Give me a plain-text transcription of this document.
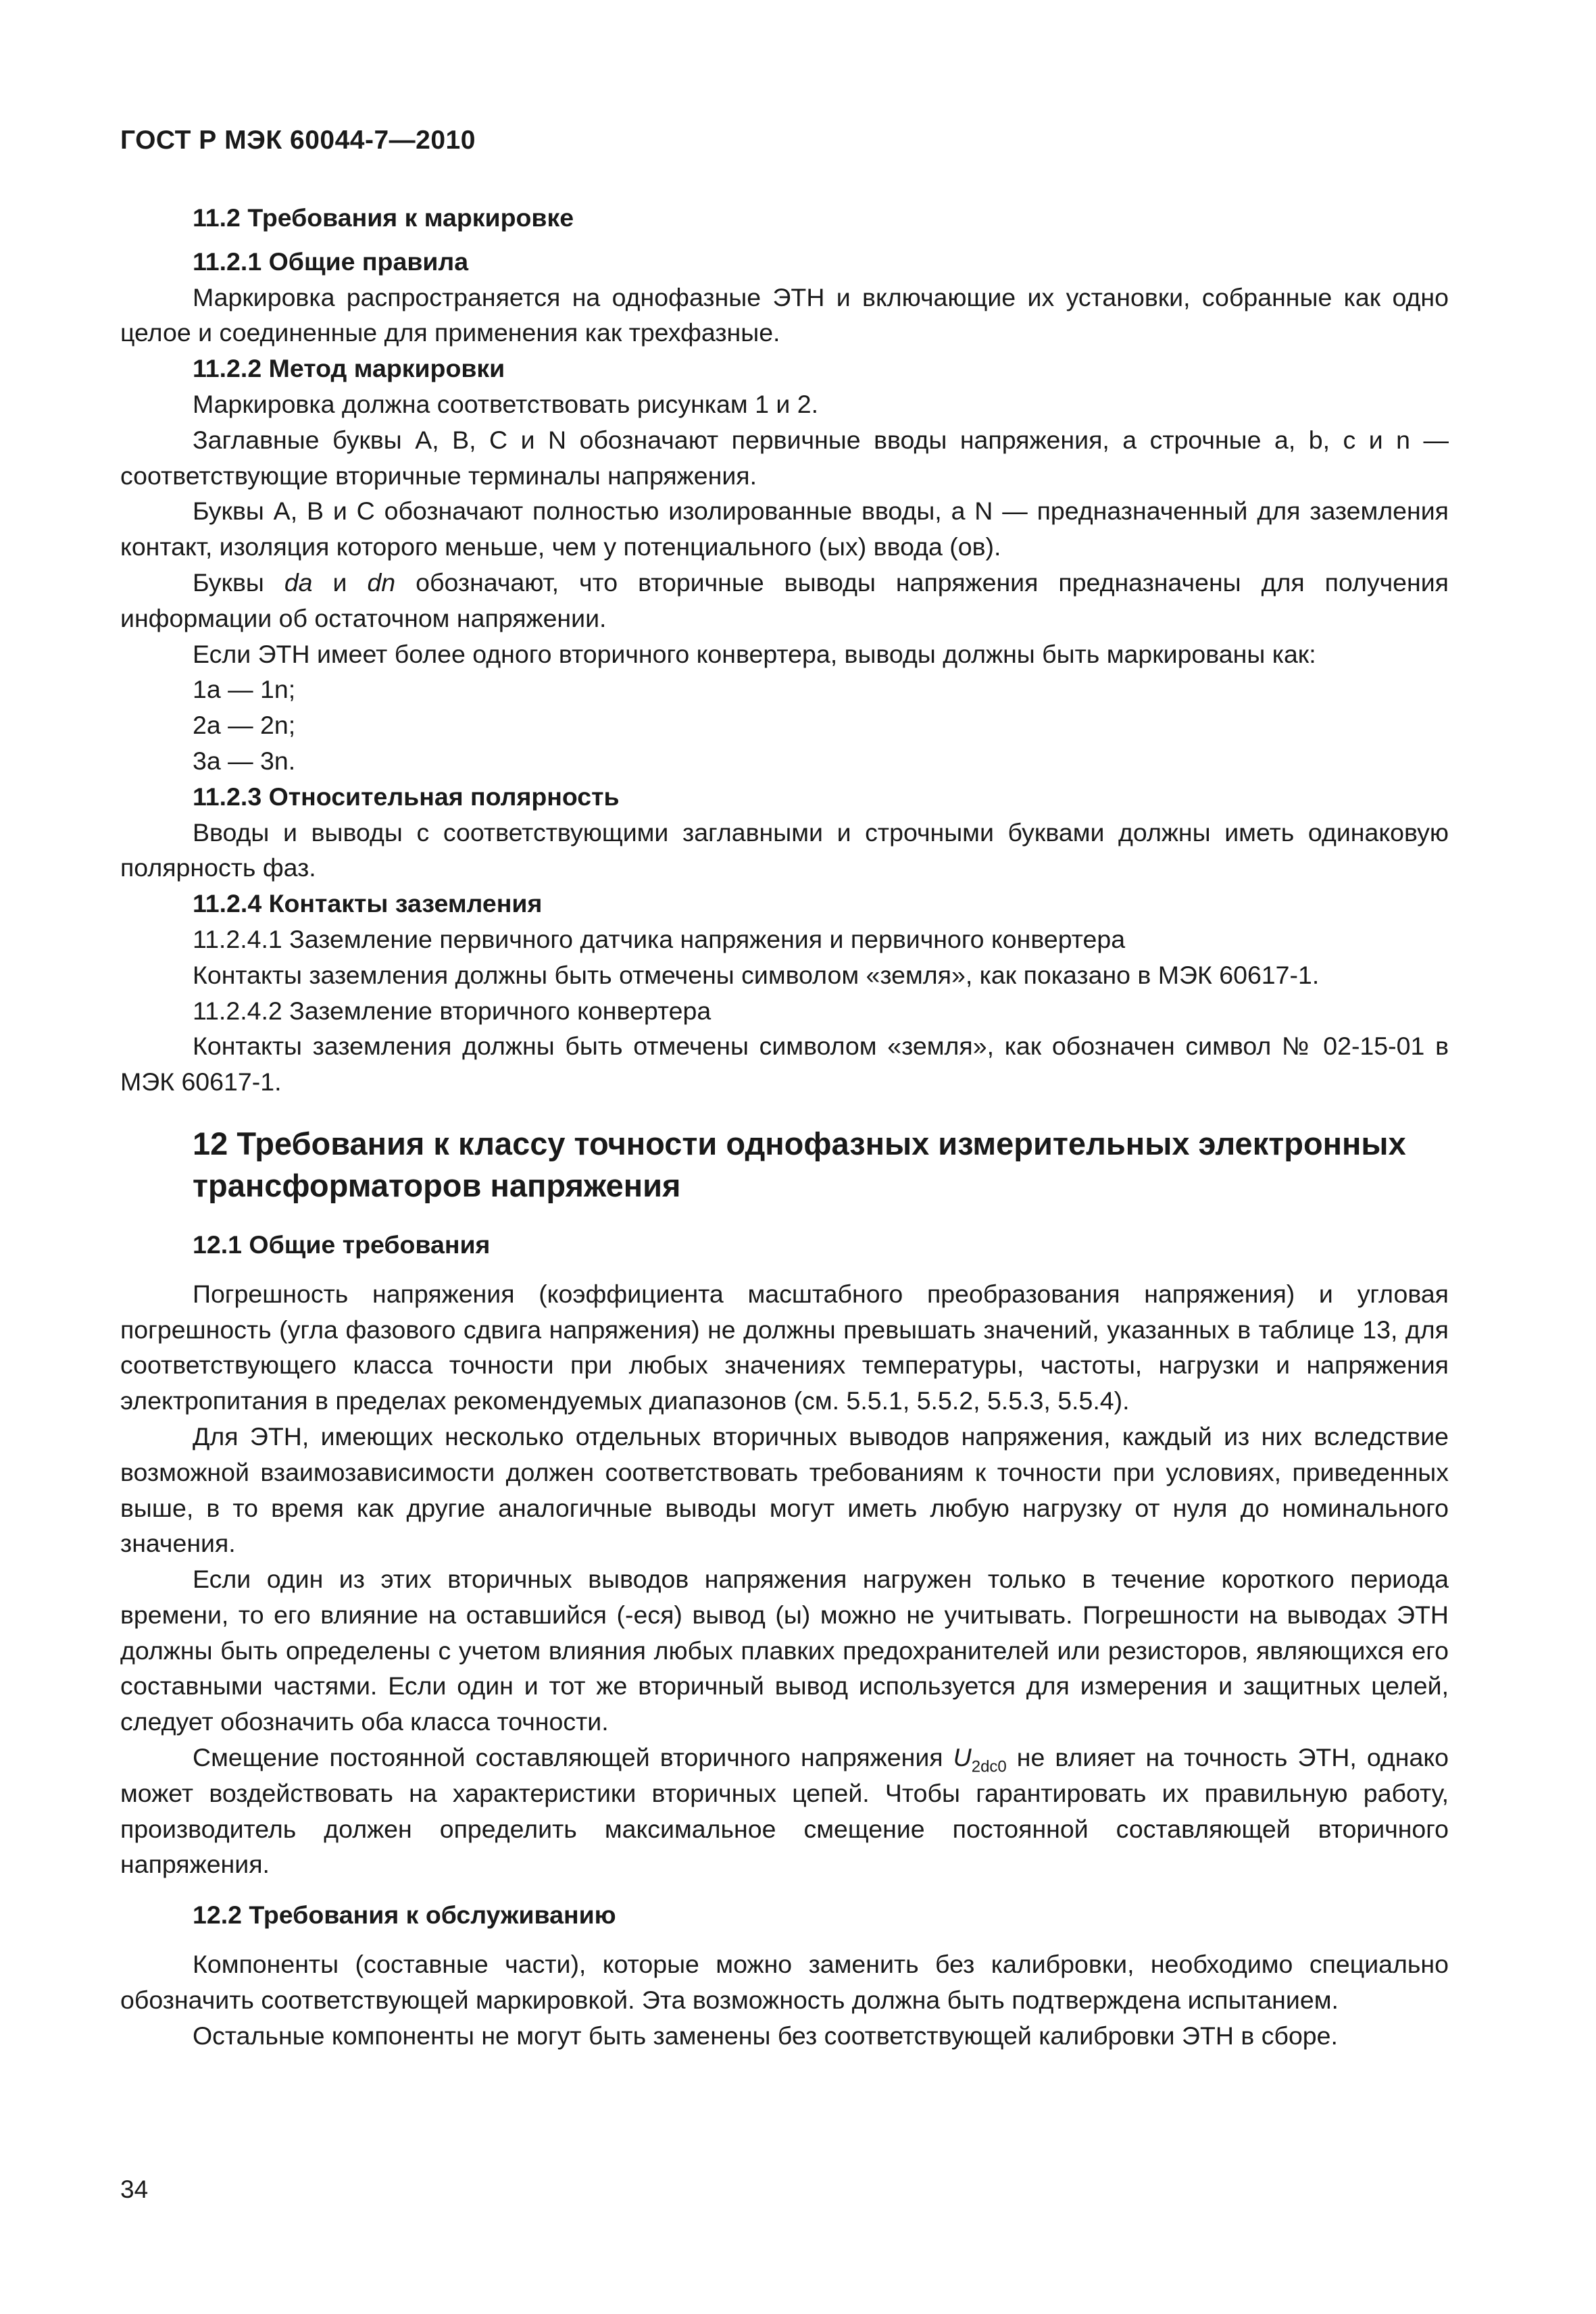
ГОСТ Р МЭК 60044-7—2010
11.2 Требования к маркировке
11.2.1 Общие правила

Маркировка распространяется на однофазные ЭТН и включающие их установки, собранные как одно целое и соединенные для применения как трехфазные.

11.2.2 Метод маркировки

Маркировка должна соответствовать рисункам 1 и 2.

Заглавные буквы А, В, С и N обозначают первичные вводы напряжения, а строчные а, b, с и n — соответствующие вторичные терминалы напряжения.

Буквы А, В и С обозначают полностью изолированные вводы, а N — предназначенный для заземления контакт, изоляция которого меньше, чем у потенциального (ых) ввода (ов).

Буквы da и dn обозначают, что вторичные выводы напряжения предназначены для получения информации об остаточном напряжении.

Если ЭТН имеет более одного вторичного конвертера, выводы должны быть маркированы как:

1a — 1n;

2a — 2n;

3a — 3n.

11.2.3 Относительная полярность

Вводы и выводы с соответствующими заглавными и строчными буквами должны иметь одинаковую полярность фаз.

11.2.4 Контакты заземления

11.2.4.1 Заземление первичного датчика напряжения и первичного конвертера

Контакты заземления должны быть отмечены символом «земля», как показано в МЭК 60617-1.

11.2.4.2 Заземление вторичного конвертера

Контакты заземления должны быть отмечены символом «земля», как обозначен символ № 02-15-01 в МЭК 60617-1.

12 Требования к классу точности однофазных измерительных электронных трансформаторов напряжения
12.1 Общие требования

Погрешность напряжения (коэффициента масштабного преобразования напряжения) и угловая погрешность (угла фазового сдвига напряжения) не должны превышать значений, указанных в таблице 13, для соответствующего класса точности при любых значениях температуры, частоты, нагрузки и напряжения электропитания в пределах рекомендуемых диапазонов (см. 5.5.1, 5.5.2, 5.5.3, 5.5.4).

Для ЭТН, имеющих несколько отдельных вторичных выводов напряжения, каждый из них вследствие возможной взаимозависимости должен соответствовать требованиям к точности при условиях, приведенных выше, в то время как другие аналогичные выводы могут иметь любую нагрузку от нуля до номинального значения.

Если один из этих вторичных выводов напряжения нагружен только в течение короткого периода времени, то его влияние на оставшийся (-еся) вывод (ы) можно не учитывать. Погрешности на выводах ЭТН должны быть определены с учетом влияния любых плавких предохранителей или резисторов, являющихся его составными частями. Если один и тот же вторичный вывод используется для измерения и защитных целей, следует обозначить оба класса точности.

Смещение постоянной составляющей вторичного напряжения $U_{2dc0}$ не влияет на точность ЭТН, однако может воздействовать на характеристики вторичных цепей. Чтобы гарантировать их правильную работу, производитель должен определить максимальное смещение постоянной составляющей вторичного напряжения.

12.2 Требования к обслуживанию

Компоненты (составные части), которые можно заменить без калибровки, необходимо специально обозначить соответствующей маркировкой. Эта возможность должна быть подтверждена испытанием.

Остальные компоненты не могут быть заменены без соответствующей калибровки ЭТН в сборе.

34
